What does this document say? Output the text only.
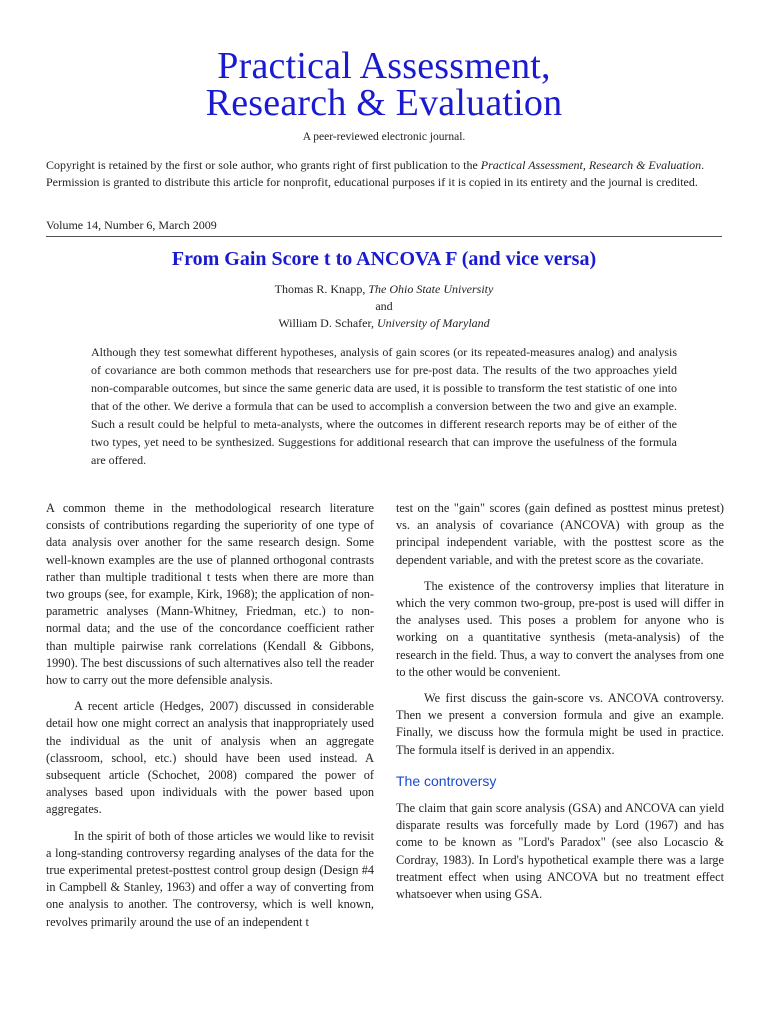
Practical Assessment,
Research & Evaluation
A peer-reviewed electronic journal.
Copyright is retained by the first or sole author, who grants right of first publication to the Practical Assessment, Research & Evaluation. Permission is granted to distribute this article for nonprofit, educational purposes if it is copied in its entirety and the journal is credited.
Volume 14, Number 6, March 2009
From Gain Score t to ANCOVA F (and vice versa)
Thomas R. Knapp, The Ohio State University
and
William D. Schafer, University of Maryland
Although they test somewhat different hypotheses, analysis of gain scores (or its repeated-measures analog) and analysis of covariance are both common methods that researchers use for pre-post data. The results of the two approaches yield non-comparable outcomes, but since the same generic data are used, it is possible to transform the test statistic of one into that of the other. We derive a formula that can be used to accomplish a conversion between the two and give an example. Such a result could be helpful to meta-analysts, where the outcomes in different research reports may be of either of the two types, yet need to be synthesized. Suggestions for additional research that can improve the usefulness of the formula are offered.

A common theme in the methodological research literature consists of contributions regarding the superiority of one type of data analysis over another for the same research design. Some well-known examples are the use of planned orthogonal contrasts rather than multiple traditional t tests when there are more than two groups (see, for example, Kirk, 1968); the application of non-parametric analyses (Mann-Whitney, Friedman, etc.) to non-normal data; and the use of the concordance coefficient rather than multiple pairwise rank correlations (Kendall & Gibbons, 1990). The best discussions of such alternatives also tell the reader how to carry out the more defensible analysis.

A recent article (Hedges, 2007) discussed in considerable detail how one might correct an analysis that inappropriately used the individual as the unit of analysis when an aggregate (classroom, school, etc.) should have been used instead. A subsequent article (Schochet, 2008) compared the power of analyses based upon individuals with the power based upon aggregates.

In the spirit of both of those articles we would like to revisit a long-standing controversy regarding analyses of the data for the true experimental pretest-posttest control group design (Design #4 in Campbell & Stanley, 1963) and offer a way of converting from one analysis to another. The controversy, which is well known, revolves primarily around the use of an independent t

test on the "gain" scores (gain defined as posttest minus pretest) vs. an analysis of covariance (ANCOVA) with group as the principal independent variable, with the posttest score as the dependent variable, and with the pretest score as the covariate.

The existence of the controversy implies that literature in which the very common two-group, pre-post is used will differ in the analyses used. This poses a problem for anyone who is working on a quantitative synthesis (meta-analysis) of the research in the field. Thus, a way to convert the analyses from one to the other would be convenient.

We first discuss the gain-score vs. ANCOVA controversy. Then we present a conversion formula and give an example. Finally, we discuss how the formula might be used in practice. The formula itself is derived in an appendix.

The controversy

The claim that gain score analysis (GSA) and ANCOVA can yield disparate results was forcefully made by Lord (1967) and has come to be known as "Lord's Paradox" (see also Locascio & Cordray, 1983). In Lord's hypothetical example there was a large treatment effect when using ANCOVA but no treatment effect whatsoever when using GSA.
